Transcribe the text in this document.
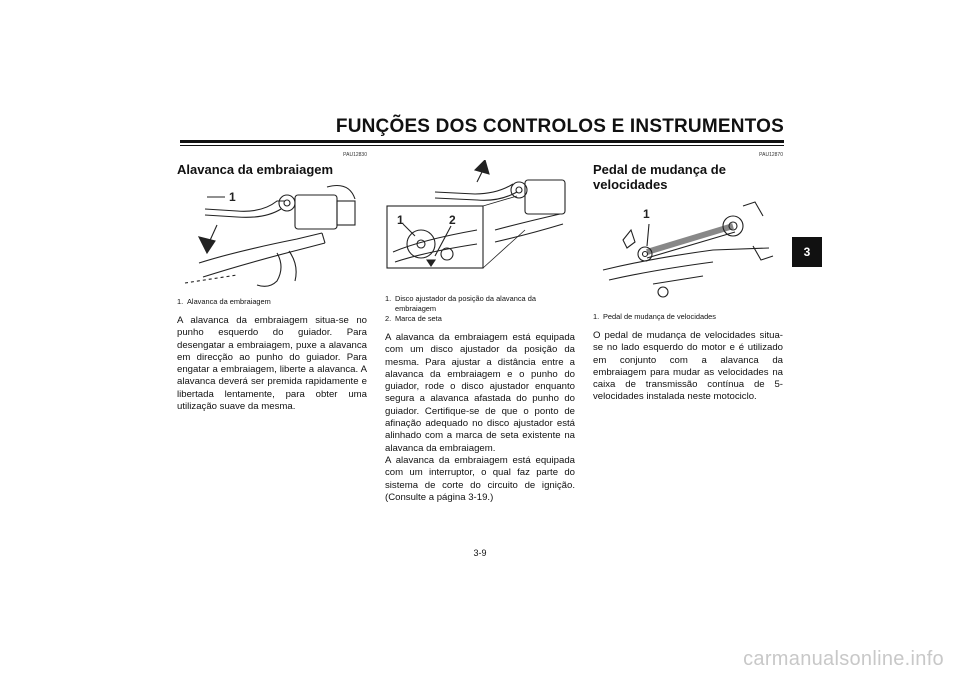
FUNÇÕES DOS CONTROLOS E INSTRUMENTOS
PAU12830
Alavanca da embraiagem
1
1. Alavanca da embraiagem

A alavanca da embraiagem situa-se no punho esquerdo do guiador. Para desengatar a embraiagem, puxe a alavanca em direcção ao punho do guiador. Para engatar a embraiagem, liberte a alavanca. A alavanca deverá ser premida rapidamente e libertada lentamente, para obter uma utilização suave da mesma.

1	2
1. Disco ajustador da posição da alavanca da embraiagem
2. Marca de seta

A alavanca da embraiagem está equipada com um disco ajustador da posição da mesma. Para ajustar a distância entre a alavanca da embraiagem e o punho do guiador, rode o disco ajustador enquanto segura a alavanca afastada do punho do guiador. Certifique-se de que o ponto de afinação adequado no disco ajustador está alinhado com a marca de seta existente na alavanca da embraiagem.

A alavanca da embraiagem está equipada com um interruptor, o qual faz parte do sistema de corte do circuito de ignição. (Consulte a página 3-19.)

PAU12870
Pedal de mudança de velocidades
1
1. Pedal de mudança de velocidades

O pedal de mudança de velocidades situa-se no lado esquerdo do motor e é utilizado em conjunto com a alavanca da embraiagem para mudar as velocidades na caixa de transmissão contínua de 5-velocidades instalada neste motociclo.

3
3-9
carmanualsonline.info
